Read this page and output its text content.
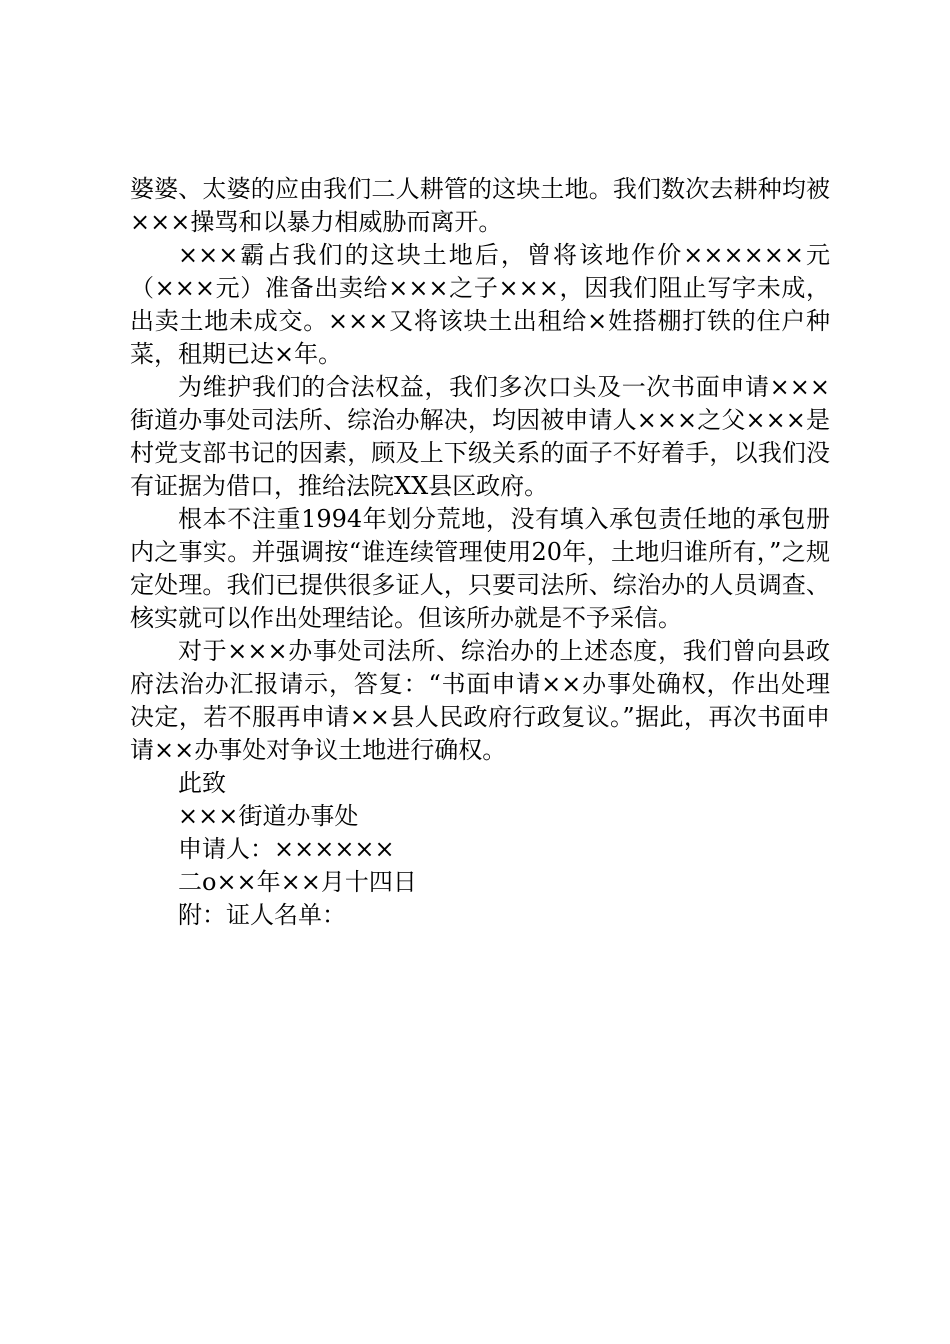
婆婆、太婆的应由我们二人耕管的这块土地。我们数次去耕种均被×××操骂和以暴力相威胁而离开。

×××霸占我们的这块土地后，曾将该地作价××××××元（×××元）准备出卖给×××之子×××，因我们阻止写字未成，出卖土地未成交。×××又将该块土出租给×姓搭棚打铁的住户种菜，租期已达×年。

为维护我们的合法权益，我们多次口头及一次书面申请×××街道办事处司法所、综治办解决，均因被申请人×××之父×××是村党支部书记的因素，顾及上下级关系的面子不好着手，以我们没有证据为借口，推给法院XX县区政府。

根本不注重1994年划分荒地，没有填入承包责任地的承包册内之事实。并强调按“谁连续管理使用20年，土地归谁所有，”之规定处理。我们已提供很多证人，只要司法所、综治办的人员调查、核实就可以作出处理结论。但该所办就是不予采信。

对于×××办事处司法所、综治办的上述态度，我们曾向县政府法治办汇报请示，答复：“书面申请××办事处确权，作出处理决定，若不服再申请××县人民政府行政复议。”据此，再次书面申请××办事处对争议土地进行确权。

此致

×××街道办事处

申请人：××××××

二o××年××月十四日

附：证人名单：
